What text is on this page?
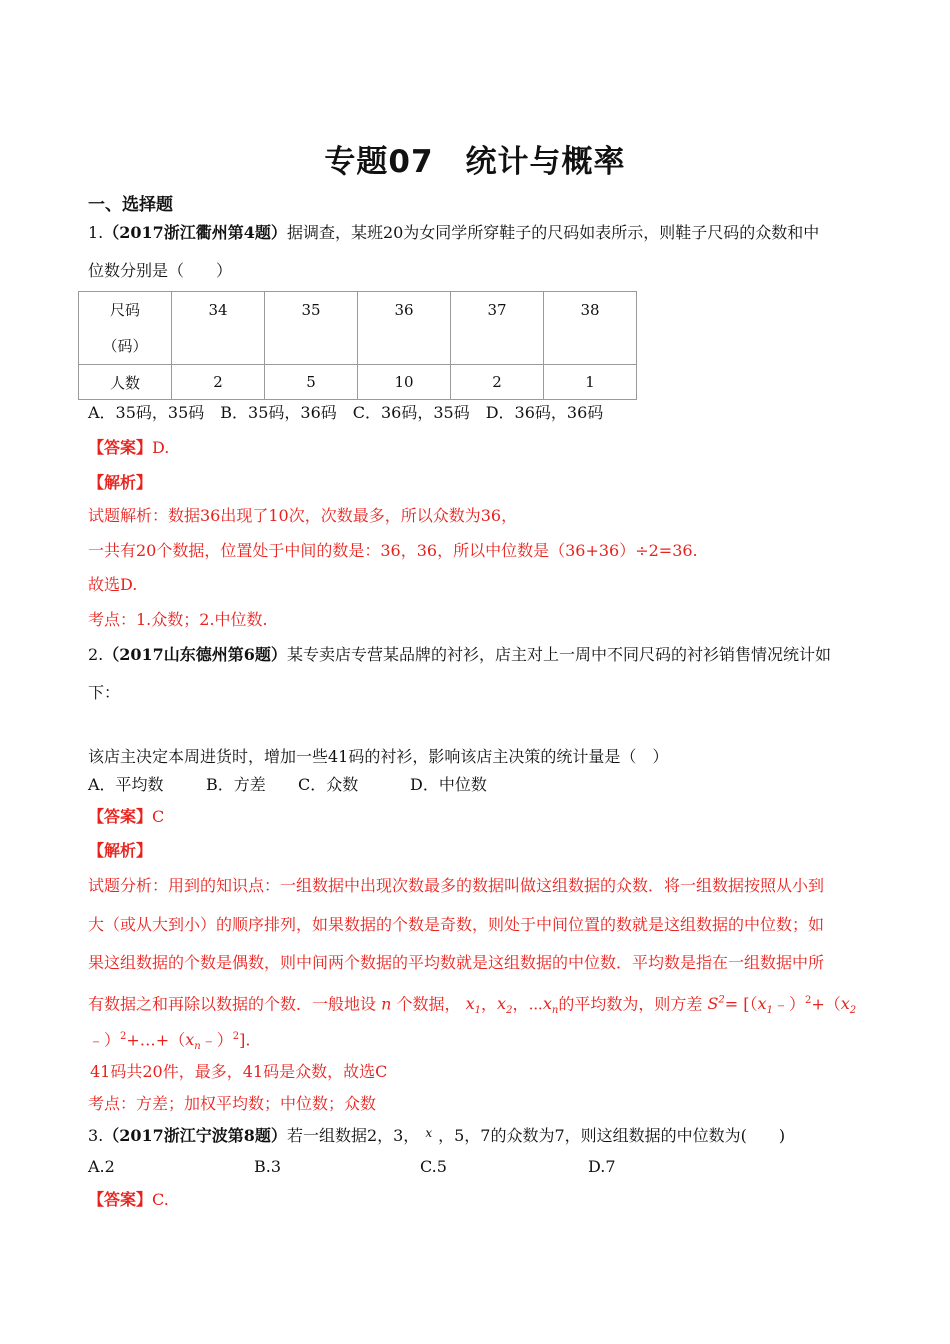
专题07　统计与概率
一、选择题
1.（2017浙江衢州第4题）据调查，某班20为女同学所穿鞋子的尺码如表所示，则鞋子尺码的众数和中
位数分别是（　　）
尺码
（码）	34	35	36	37	38

人数	2	5	10	2	1
A．35码，35码　B．35码，36码　C．36码，35码　D．36码，36码
【答案】D.
【解析】
试题解析：数据36出现了10次，次数最多，所以众数为36，
一共有20个数据，位置处于中间的数是：36，36，所以中位数是（36+36）÷2=36.
故选D.
考点：1.众数；2.中位数.
2.（2017山东德州第6题）某专卖店专营某品牌的衬衫，店主对上一周中不同尺码的衬衫销售情况统计如
下：
该店主决定本周进货时，增加一些41码的衬衫，影响该店主决策的统计量是（　）
A．平均数	B．方差 C．众数	D．中位数
【答案】C
【解析】
试题分析：用到的知识点：一组数据中出现次数最多的数据叫做这组数据的众数．将一组数据按照从小到
大（或从大到小）的顺序排列，如果数据的个数是奇数，则处于中间位置的数就是这组数据的中位数；如
果这组数据的个数是偶数，则中间两个数据的平均数就是这组数据的中位数．平均数是指在一组数据中所
有数据之和再除以数据的个数．一般地设 n 个数据， $x_1$，$x_2$，$\cdots x_n$的平均数为，则方差 $S^2=$ [$(x_1﹣)^2+(x_2$
$﹣)^2+\dots+(x_n﹣)^2$].
41码共20件，最多，41码是众数，故选C
考点：方差；加权平均数；中位数；众数
3.（2017浙江宁波第8题）若一组数据2，3， $^x$ ，5，7的众数为7，则这组数据的中位数为(　　)
A.2	B.3	C.5	D.7
【答案】C.
